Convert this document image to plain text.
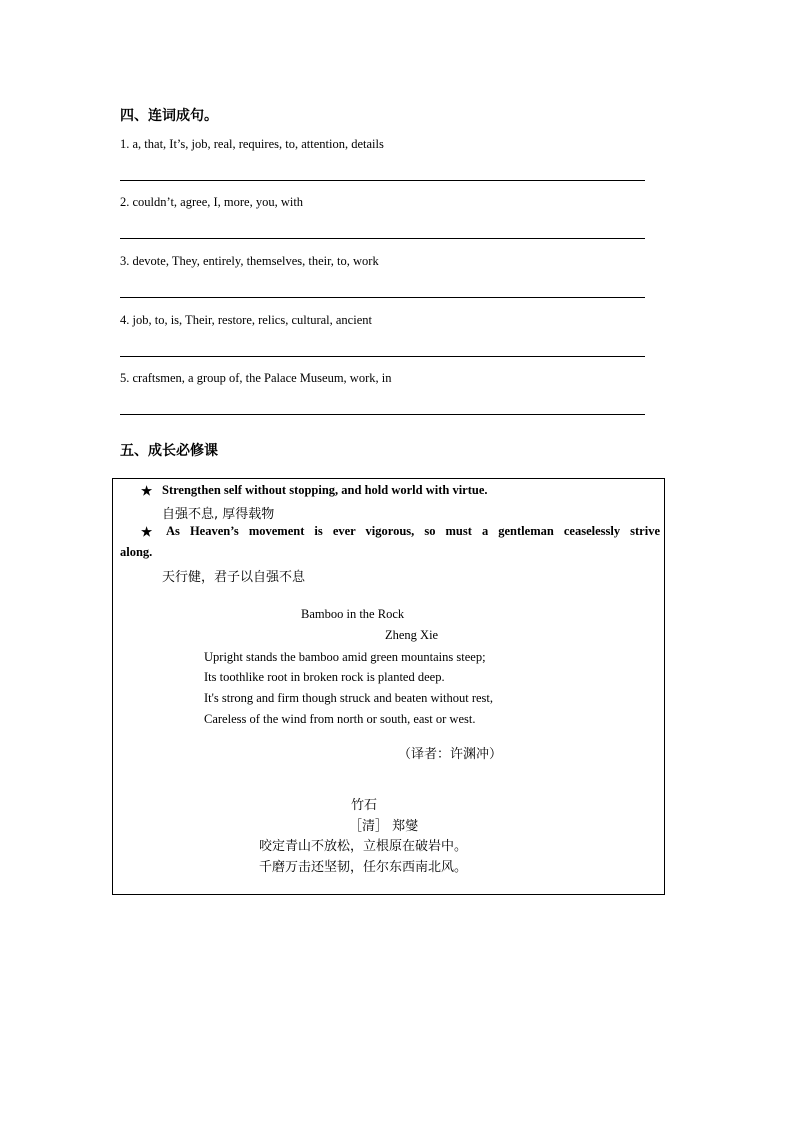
四、连词成句。
1. a, that, It’s, job, real, requires, to, attention, details
2. couldn’t, agree, I, more, you, with
3. devote, They, entirely, themselves, their, to, work
4. job, to, is, Their, restore, relics, cultural, ancient
5. craftsmen, a group of, the Palace Museum, work, in
五、成长必修课
★ Strengthen self without stopping, and hold world with virtue.
自强不息, 厚得载物
★ As Heaven’s movement is ever vigorous, so must a gentleman ceaselessly strive
along.
天行健，君子以自强不息
Bamboo in the Rock
Zheng Xie
Upright stands the bamboo amid green mountains steep;
Its toothlike root in broken rock is planted deep.
It's strong and firm though struck and beaten without rest,
Careless of the wind from north or south, east or west.
（译者：许渊冲）
竹石
［清］ 郑燮
咬定青山不放松，立根原在破岩中。
千磨万击还坚韧，任尔东西南北风。
